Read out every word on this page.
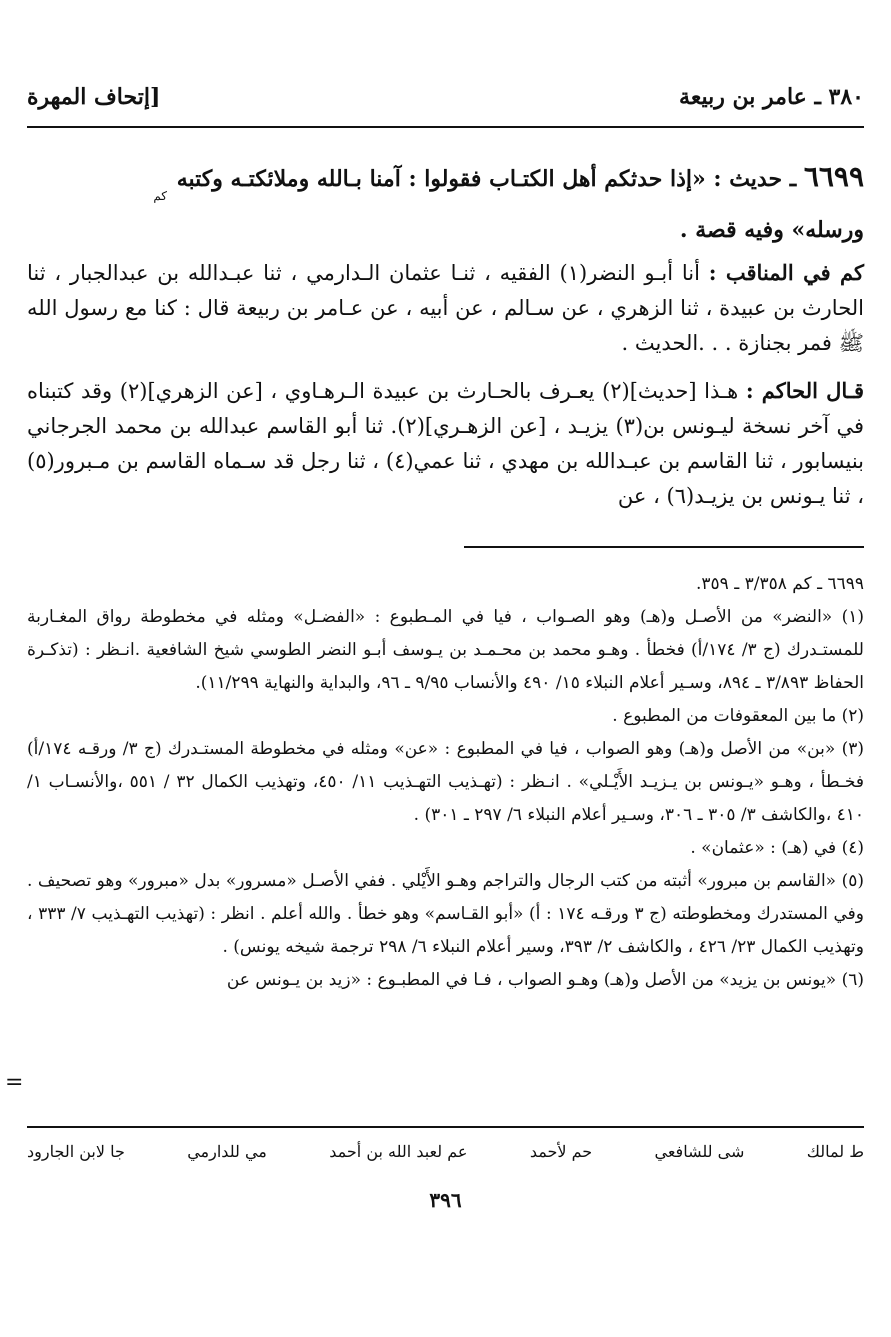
٣٨٠ ـ عامر بن ربيعة
[إتحاف المهرة
٦٦٩٩ ـ حديث : «إذا حدثكم أهل الكتـاب فقولوا : آمنا بـالله وملائكتـه وكتبه $_{كم}$
ورسله» وفيه قصة .

كم في المناقب : أنا أبـو النضر(١) الفقيه ، ثنـا عثمان الـدارمي ، ثنا عبـدالله بن عبدالجبار ، ثنا الحارث بن عبيدة ، ثنا الزهري ، عن سـالم ، عن أبيه ، عن عـامر بن ربيعة قال : كنا مع رسول الله ﷺ فمر بجنازة . . .الحديث .

قـال الحاكم : هـذا [حديث](٢) يعـرف بالحـارث بن عبيدة الـرهـاوي ، [عن الزهري](٢) وقد كتبناه في آخر نسخة ليـونس بن(٣) يزيـد ، [عن الزهـري](٢). ثنا أبو القاسم عبدالله بن محمد الجرجاني بنيسابور ، ثنا القاسم بن عبـدالله بن مهدي ، ثنا عمي(٤) ، ثنا رجل قد سـماه القاسم بن مـبرور(٥) ، ثنا يـونس بن يزيـد(٦) ، عن

٦٦٩٩ ـ كم ٣/٣٥٨ ـ ٣٥٩.

(١) «النضر» من الأصـل و(هـ) وهو الصـواب ، فيا في المـطبوع : «الفضـل» ومثله في مخطوطة رواق المغـاربة للمستـدرك (ج ٣/ ١٧٤/أ) فخطأ . وهـو محمد بن محـمـد بن يـوسف أبـو النضر الطوسي شيخ الشافعية .انـظر : (تذكـرة الحفاظ ٣/٨٩٣ ـ ٨٩٤، وسـير أعلام النبلاء ١٥/ ٤٩٠ والأنساب ٩/٩٥ ـ ٩٦، والبداية والنهاية ١١/٢٩٩).

(٢) ما بين المعقوفات من المطبوع .

(٣) «بن» من الأصل و(هـ) وهو الصواب ، فيا في المطبوع : «عن» ومثله في مخطوطة المستـدرك (ج ٣/ ورقـه ١٧٤/أ) فخـطأ ، وهـو «يـونس بن يـزيـد الأَيْـلي» . انـظر : (تهـذيب التهـذيب ١١/ ٤٥٠، وتهذيب الكمال ٣٢ / ٥٥١ ،والأنسـاب ١/ ٤١٠ ،والكاشف ٣/ ٣٠٥ ـ ٣٠٦، وسـير أعلام النبلاء ٦/ ٢٩٧ ـ ٣٠١) .

(٤) في (هـ) : «عثمان» .

(٥) «القاسم بن مبرور» أثبته من كتب الرجال والتراجم وهـو الأَيْلي . ففي الأصـل «مسرور» بدل «مبرور» وهو تصحيف . وفي المستدرك ومخطوطته (ج ٣ ورقـه ١٧٤ : أ) «أبو القـاسم» وهو خطأ . والله أعلم . انظر : (تهذيب التهـذيب ٧/ ٣٣٣ ، وتهذيب الكمال ٢٣/ ٤٢٦ ، والكاشف ٢/ ٣٩٣، وسير أعلام النبلاء ٦/ ٢٩٨ ترجمة شيخه يونس) .

(٦) «يونس بن يزيد» من الأصل و(هـ) وهـو الصواب ، فـا في المطبـوع : «زيد بن يـونس عن

=
ط لمالك
شی للشافعي
حم لأحمد
عم لعبد الله بن أحمد
مي للدارمي
جا لابن الجارود
٣٩٦
